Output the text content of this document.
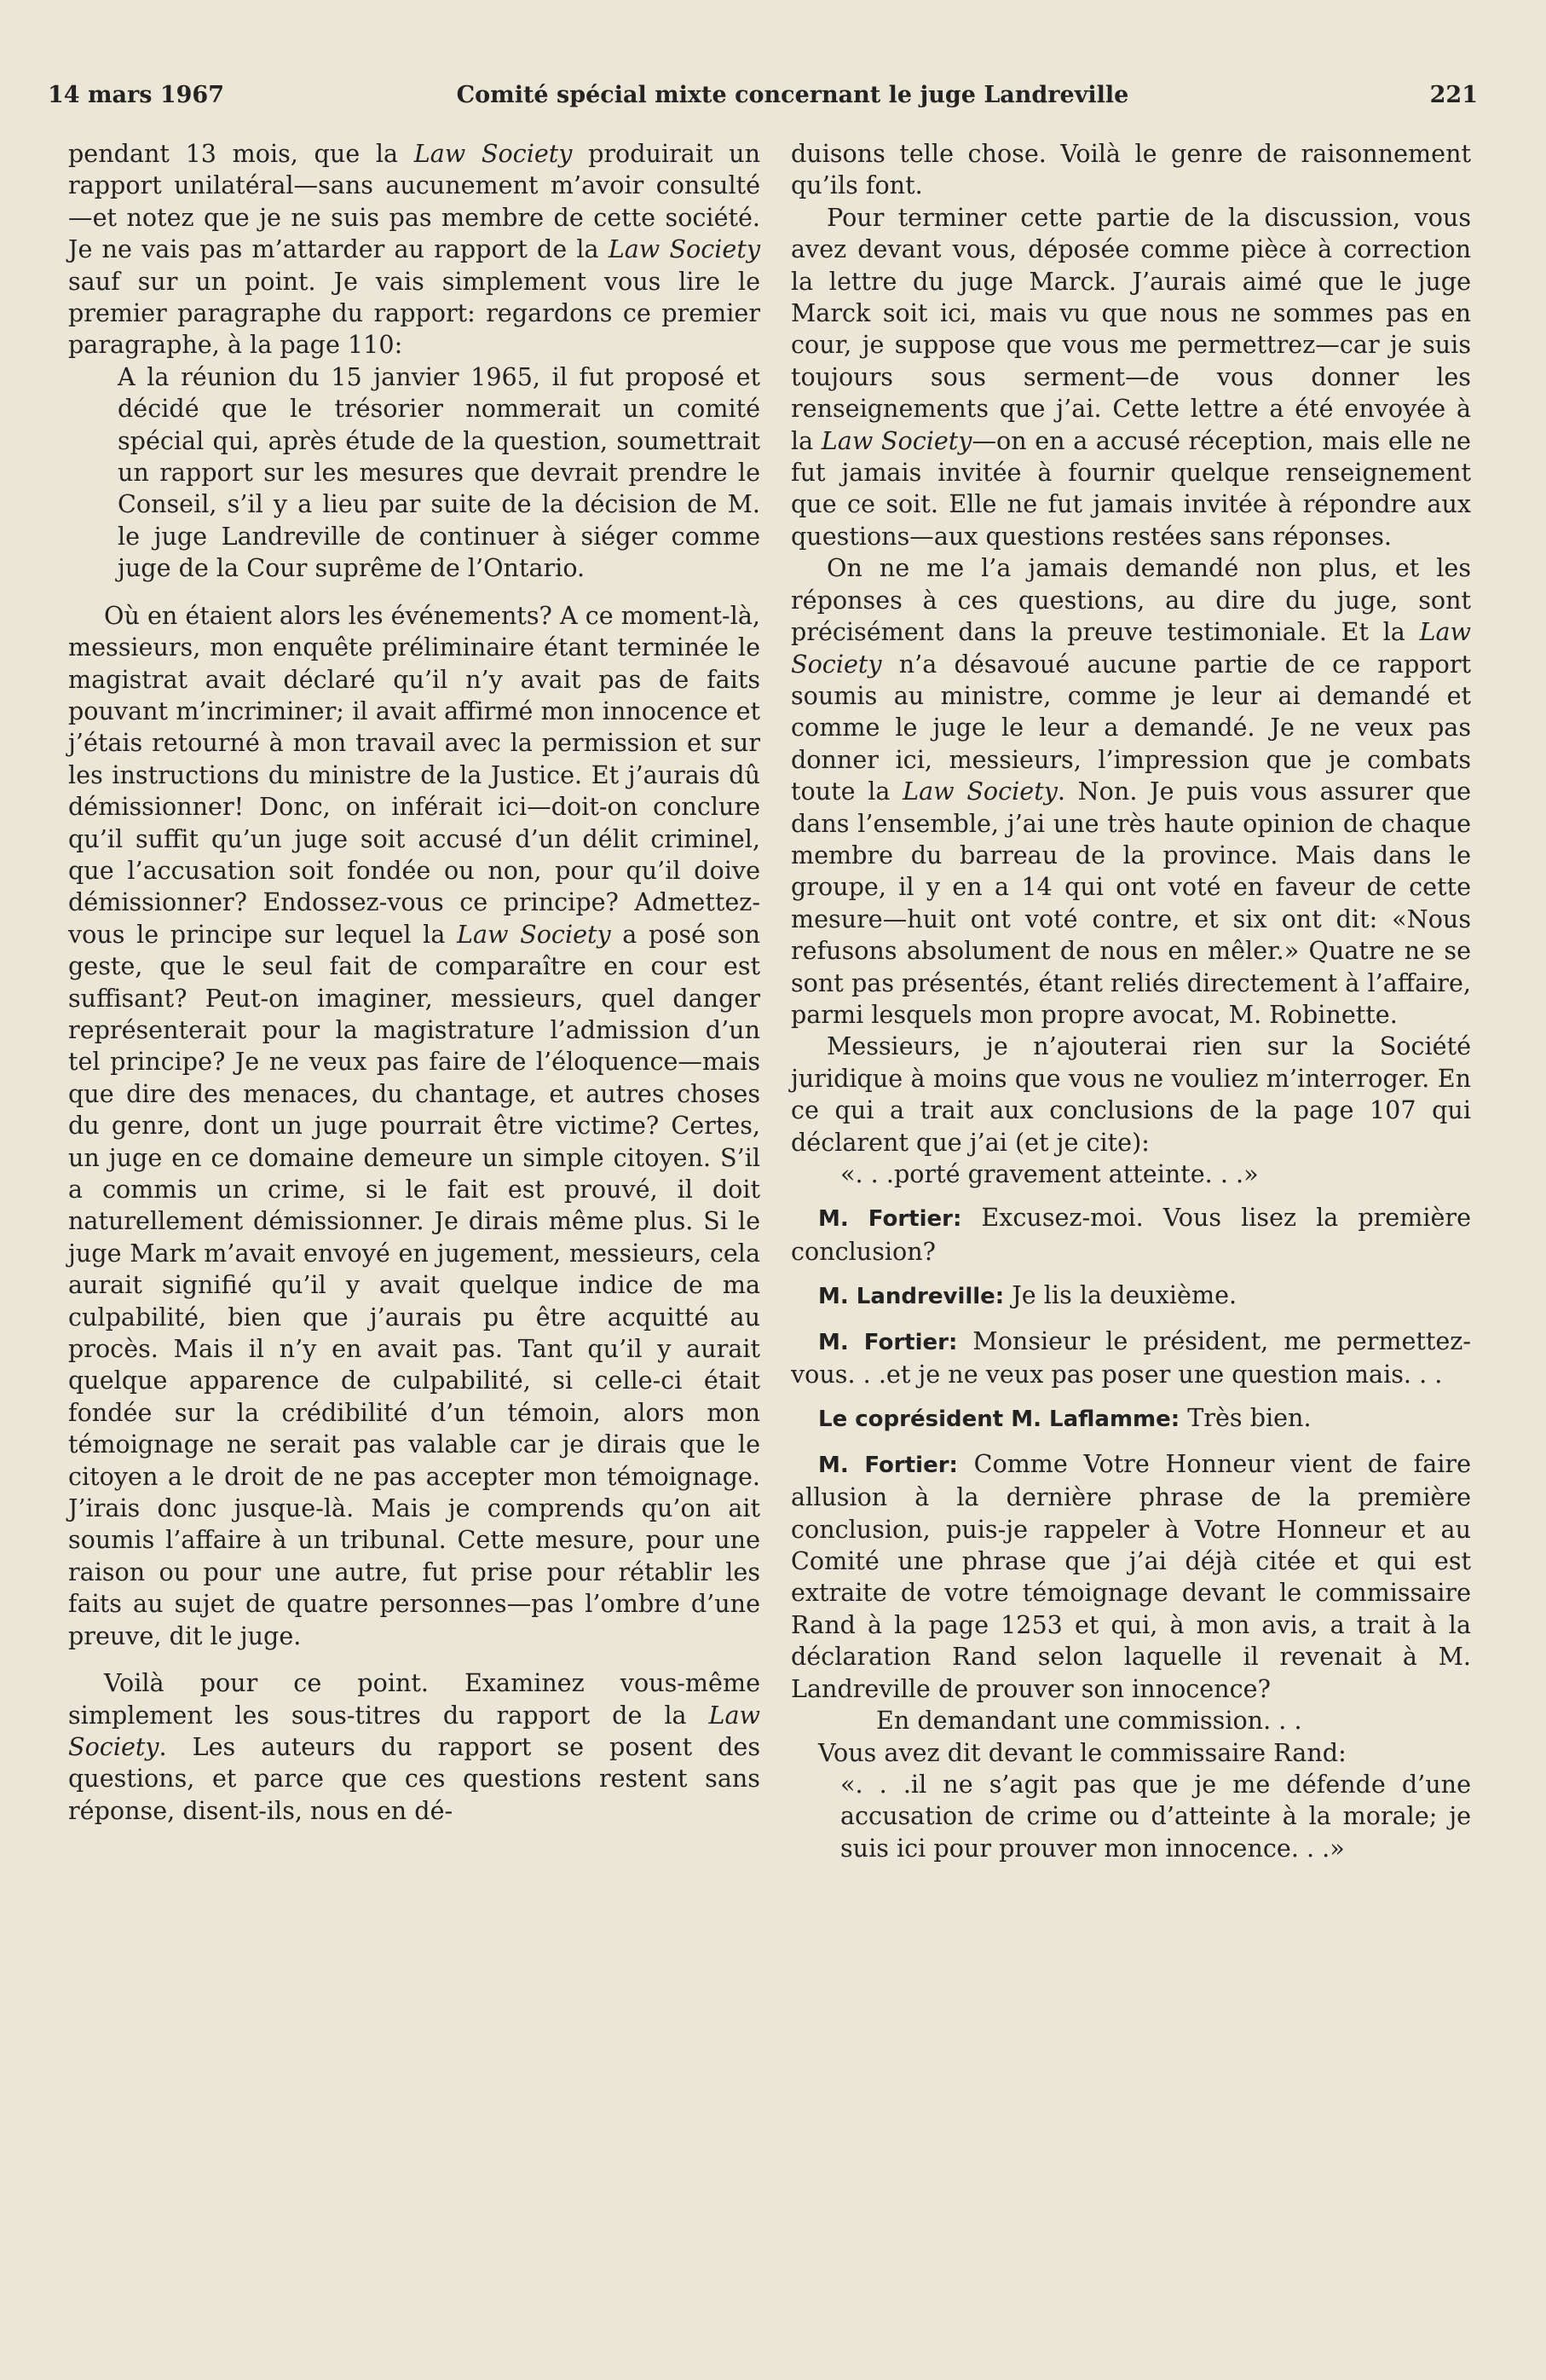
14 mars 1967	Comité spécial mixte concernant le juge Landreville	221

pendant 13 mois, que la Law Society produirait un rapport unilatéral—sans aucunement m’avoir consulté—et notez que je ne suis pas membre de cette société. Je ne vais pas m’attarder au rapport de la Law Society sauf sur un point. Je vais simplement vous lire le premier paragraphe du rapport: regardons ce premier paragraphe, à la page 110:

A la réunion du 15 janvier 1965, il fut proposé et décidé que le trésorier nommerait un comité spécial qui, après étude de la question, soumettrait un rapport sur les mesures que devrait prendre le Conseil, s’il y a lieu par suite de la décision de M. le juge Landreville de continuer à siéger comme juge de la Cour suprême de l’Ontario.

Où en étaient alors les événements? A ce moment-là, messieurs, mon enquête préliminaire étant terminée le magistrat avait déclaré qu’il n’y avait pas de faits pouvant m’incriminer; il avait affirmé mon innocence et j’étais retourné à mon travail avec la permission et sur les instructions du ministre de la Justice. Et j’aurais dû démissionner! Donc, on inférait ici—doit-on conclure qu’il suffit qu’un juge soit accusé d’un délit criminel, que l’accusation soit fondée ou non, pour qu’il doive démissionner? Endossez-vous ce principe? Admettez-vous le principe sur lequel la Law Society a posé son geste, que le seul fait de comparaître en cour est suffisant? Peut-on imaginer, messieurs, quel danger représenterait pour la magistrature l’admission d’un tel principe? Je ne veux pas faire de l’éloquence—mais que dire des menaces, du chantage, et autres choses du genre, dont un juge pourrait être victime? Certes, un juge en ce domaine demeure un simple citoyen. S’il a commis un crime, si le fait est prouvé, il doit naturellement démissionner. Je dirais même plus. Si le juge Mark m’avait envoyé en jugement, messieurs, cela aurait signifié qu’il y avait quelque indice de ma culpabilité, bien que j’aurais pu être acquitté au procès. Mais il n’y en avait pas. Tant qu’il y aurait quelque apparence de culpabilité, si celle-ci était fondée sur la crédibilité d’un témoin, alors mon témoignage ne serait pas valable car je dirais que le citoyen a le droit de ne pas accepter mon témoignage. J’irais donc jusque-là. Mais je comprends qu’on ait soumis l’affaire à un tribunal. Cette mesure, pour une raison ou pour une autre, fut prise pour rétablir les faits au sujet de quatre personnes—pas l’ombre d’une preuve, dit le juge.

Voilà pour ce point. Examinez vous-même simplement les sous-titres du rapport de la Law Society. Les auteurs du rapport se posent des questions, et parce que ces questions restent sans réponse, disent-ils, nous en dé-

duisons telle chose. Voilà le genre de raisonnement qu’ils font.

Pour terminer cette partie de la discussion, vous avez devant vous, déposée comme pièce à correction la lettre du juge Marck. J’aurais aimé que le juge Marck soit ici, mais vu que nous ne sommes pas en cour, je suppose que vous me permettrez—car je suis toujours sous serment—de vous donner les renseignements que j’ai. Cette lettre a été envoyée à la Law Society—on en a accusé réception, mais elle ne fut jamais invitée à fournir quelque renseignement que ce soit. Elle ne fut jamais invitée à répondre aux questions—aux questions restées sans réponses.

On ne me l’a jamais demandé non plus, et les réponses à ces questions, au dire du juge, sont précisément dans la preuve testimoniale. Et la Law Society n’a désavoué aucune partie de ce rapport soumis au ministre, comme je leur ai demandé et comme le juge le leur a demandé. Je ne veux pas donner ici, messieurs, l’impression que je combats toute la Law Society. Non. Je puis vous assurer que dans l’ensemble, j’ai une très haute opinion de chaque membre du barreau de la province. Mais dans le groupe, il y en a 14 qui ont voté en faveur de cette mesure—huit ont voté contre, et six ont dit: «Nous refusons absolument de nous en mêler.» Quatre ne se sont pas présentés, étant reliés directement à l’affaire, parmi lesquels mon propre avocat, M. Robinette.

Messieurs, je n’ajouterai rien sur la Société juridique à moins que vous ne vouliez m’interroger. En ce qui a trait aux conclusions de la page 107 qui déclarent que j’ai (et je cite):

«. . .porté gravement atteinte. . .»

M. Fortier: Excusez-moi. Vous lisez la première conclusion?

M. Landreville: Je lis la deuxième.

M. Fortier: Monsieur le président, me permettez-vous. . .et je ne veux pas poser une question mais. . .

Le coprésident M. Laflamme: Très bien.

M. Fortier: Comme Votre Honneur vient de faire allusion à la dernière phrase de la première conclusion, puis-je rappeler à Votre Honneur et au Comité une phrase que j’ai déjà citée et qui est extraite de votre témoignage devant le commissaire Rand à la page 1253 et qui, à mon avis, a trait à la déclaration Rand selon laquelle il revenait à M. Landreville de prouver son innocence?

En demandant une commission. . .

Vous avez dit devant le commissaire Rand:

«. . .il ne s’agit pas que je me défende d’une accusation de crime ou d’atteinte à la morale; je suis ici pour prouver mon innocence. . .»
